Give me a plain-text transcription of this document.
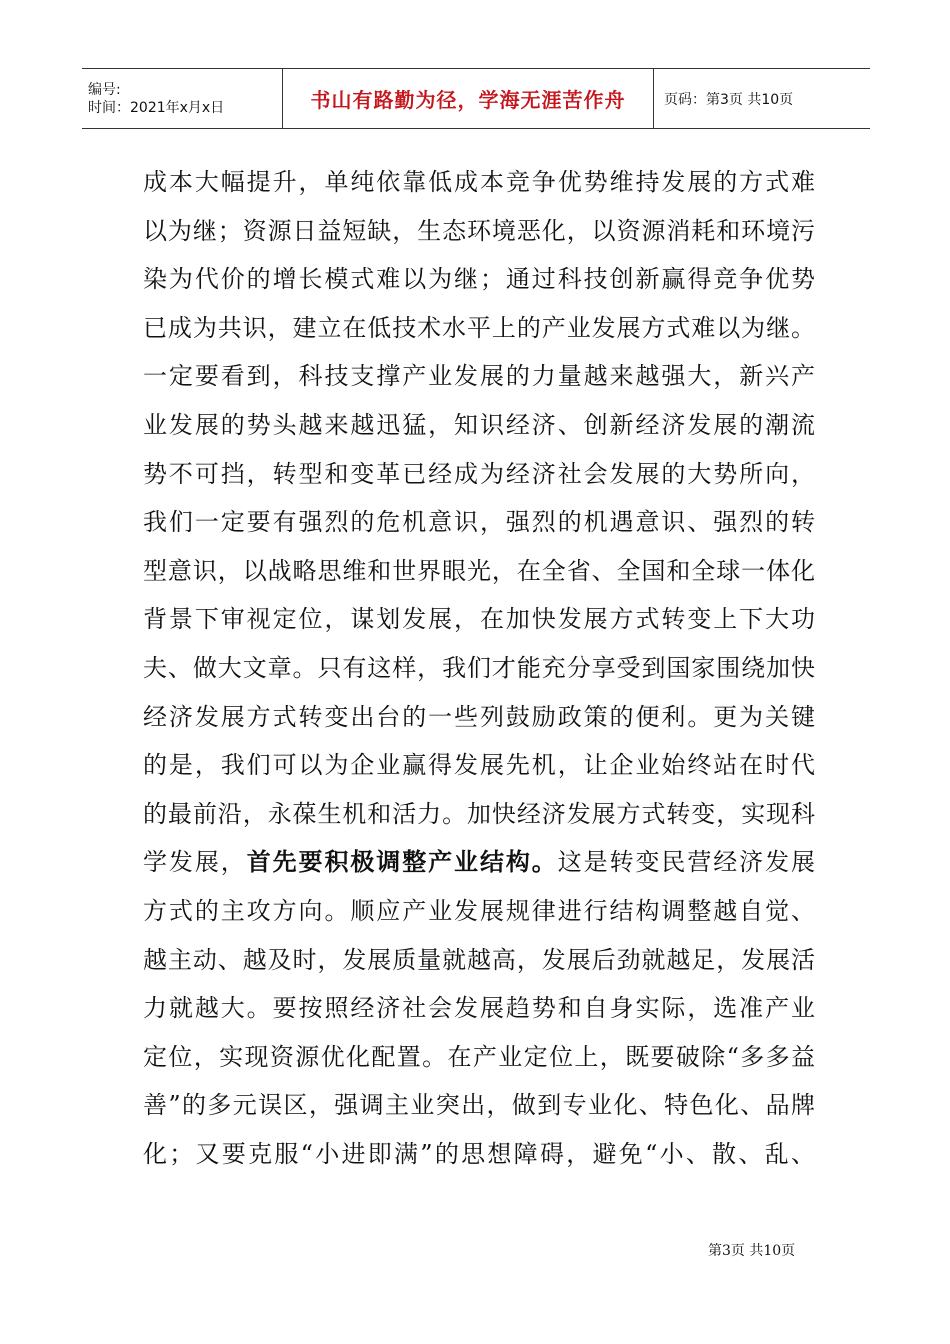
编号:
时间：2021年x月x日	书山有路勤为径，学海无涯苦作舟	页码：第3页 共10页
成本大幅提升，单纯依靠低成本竞争优势维持发展的方式难
以为继；资源日益短缺，生态环境恶化，以资源消耗和环境污
染为代价的增长模式难以为继；通过科技创新赢得竞争优势
已成为共识，建立在低技术水平上的产业发展方式难以为继。
一定要看到，科技支撑产业发展的力量越来越强大，新兴产
业发展的势头越来越迅猛，知识经济、创新经济发展的潮流
势不可挡，转型和变革已经成为经济社会发展的大势所向，
我们一定要有强烈的危机意识，强烈的机遇意识、强烈的转
型意识，以战略思维和世界眼光，在全省、全国和全球一体化
背景下审视定位，谋划发展，在加快发展方式转变上下大功
夫、做大文章。只有这样，我们才能充分享受到国家围绕加快
经济发展方式转变出台的一些列鼓励政策的便利。更为关键
的是，我们可以为企业赢得发展先机，让企业始终站在时代
的最前沿，永葆生机和活力。加快经济发展方式转变，实现科
学发展，首先要积极调整产业结构。这是转变民营经济发展
方式的主攻方向。顺应产业发展规律进行结构调整越自觉、
越主动、越及时，发展质量就越高，发展后劲就越足，发展活
力就越大。要按照经济社会发展趋势和自身实际，选准产业
定位，实现资源优化配置。在产业定位上，既要破除“多多益
善”的多元误区，强调主业突出，做到专业化、特色化、品牌
化；又要克服“小进即满”的思想障碍，避免“小、散、乱、
第3页 共10页
